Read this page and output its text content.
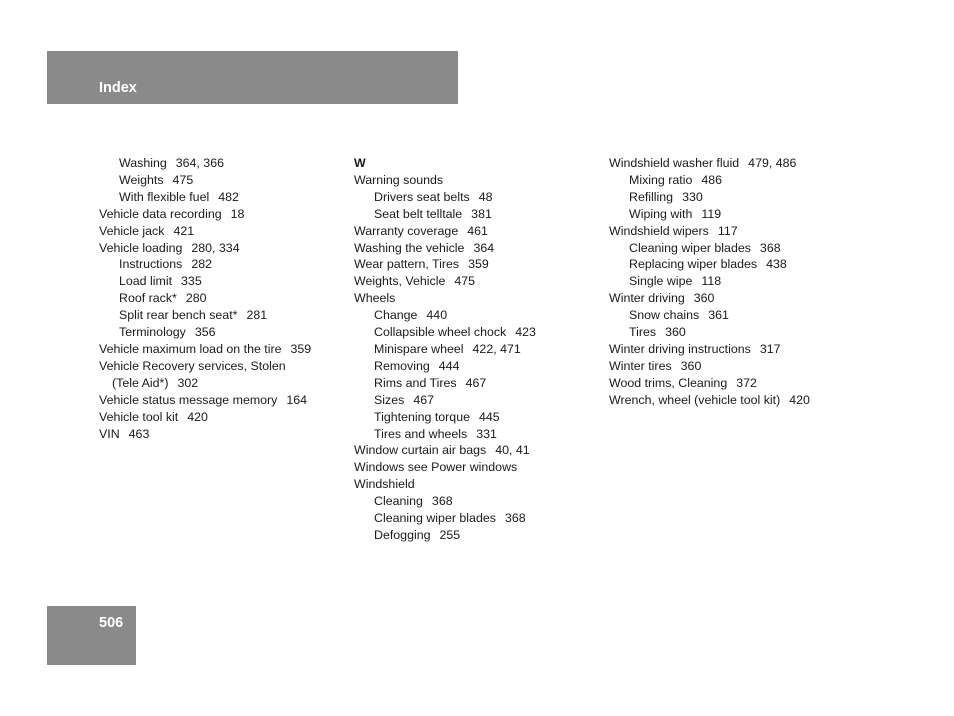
Index
Washing 364, 366
Weights 475
With flexible fuel 482
Vehicle data recording 18
Vehicle jack 421
Vehicle loading 280, 334
Instructions 282
Load limit 335
Roof rack* 280
Split rear bench seat* 281
Terminology 356
Vehicle maximum load on the tire 359
Vehicle Recovery services, Stolen
(Tele Aid*) 302
Vehicle status message memory 164
Vehicle tool kit 420
VIN 463
W
Warning sounds
Drivers seat belts 48
Seat belt telltale 381
Warranty coverage 461
Washing the vehicle 364
Wear pattern, Tires 359
Weights, Vehicle 475
Wheels
Change 440
Collapsible wheel chock 423
Minispare wheel 422, 471
Removing 444
Rims and Tires 467
Sizes 467
Tightening torque 445
Tires and wheels 331
Window curtain air bags 40, 41
Windows see Power windows
Windshield
Cleaning 368
Cleaning wiper blades 368
Defogging 255
Windshield washer fluid 479, 486
Mixing ratio 486
Refilling 330
Wiping with 119
Windshield wipers 117
Cleaning wiper blades 368
Replacing wiper blades 438
Single wipe 118
Winter driving 360
Snow chains 361
Tires 360
Winter driving instructions 317
Winter tires 360
Wood trims, Cleaning 372
Wrench, wheel (vehicle tool kit) 420
506
